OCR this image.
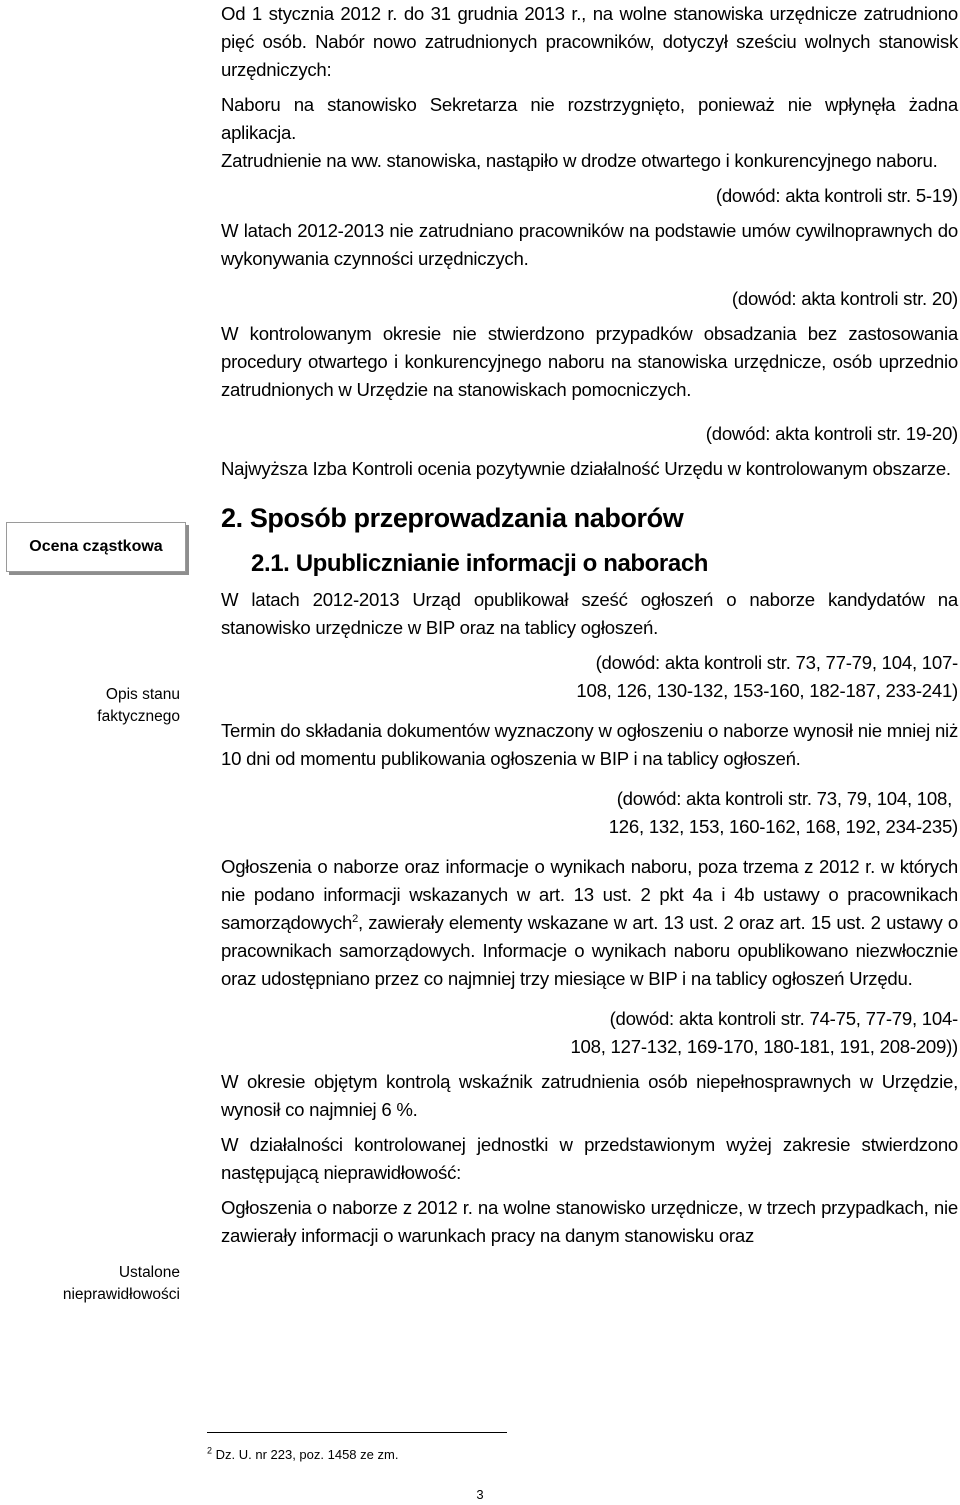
Ocena cząstkowa
Opis stanu
faktycznego
Ustalone
nieprawidłowości

Od 1 stycznia 2012 r. do 31 grudnia 2013 r., na wolne stanowiska urzędnicze zatrudniono pięć osób. Nabór nowo zatrudnionych pracowników, dotyczył sześciu wolnych stanowisk urzędniczych:

Naboru na stanowisko Sekretarza nie rozstrzygnięto, ponieważ nie wpłynęła żadna aplikacja.

Zatrudnienie na ww. stanowiska, nastąpiło w drodze otwartego i konkurencyjnego naboru.

(dowód: akta kontroli str. 5-19)

W latach 2012-2013 nie zatrudniano pracowników na podstawie umów cywilnoprawnych do wykonywania czynności urzędniczych.

(dowód: akta kontroli str. 20)

W kontrolowanym okresie nie stwierdzono przypadków obsadzania bez zastosowania procedury otwartego i konkurencyjnego naboru na stanowiska urzędnicze, osób uprzednio zatrudnionych w Urzędzie na stanowiskach pomocniczych.

(dowód: akta kontroli str. 19-20)

Najwyższa Izba Kontroli ocenia pozytywnie działalność Urzędu w kontrolowanym obszarze.

2. Sposób przeprowadzania naborów
2.1. Upublicznianie informacji o naborach

W latach 2012-2013 Urząd opublikował sześć ogłoszeń o naborze kandydatów na stanowisko urzędnicze w BIP oraz na tablicy ogłoszeń.

(dowód: akta kontroli str. 73, 77-79, 104, 107-

108, 126, 130-132, 153-160, 182-187, 233-241)

Termin do składania dokumentów wyznaczony w ogłoszeniu o naborze wynosił nie mniej niż 10 dni od momentu publikowania ogłoszenia w BIP i na tablicy ogłoszeń.

(dowód: akta kontroli str. 73, 79, 104, 108,

126, 132, 153, 160-162, 168, 192, 234-235)

Ogłoszenia o naborze oraz informacje o wynikach naboru, poza trzema z 2012 r. w których nie podano informacji wskazanych w art. 13 ust. 2 pkt 4a i 4b ustawy o pracownikach samorządowych$^2$, zawierały elementy wskazane w art. 13 ust. 2 oraz art. 15 ust. 2 ustawy o pracownikach samorządowych. Informacje o wynikach naboru opublikowano niezwłocznie oraz udostępniano przez co najmniej trzy miesiące w BIP i na tablicy ogłoszeń Urzędu.

(dowód: akta kontroli str. 74-75, 77-79, 104-

108, 127-132, 169-170, 180-181, 191, 208-209))

W okresie objętym kontrolą wskaźnik zatrudnienia osób niepełnosprawnych w Urzędzie, wynosił co najmniej 6 %.

W działalności kontrolowanej jednostki w przedstawionym wyżej zakresie stwierdzono następującą nieprawidłowość:

Ogłoszenia o naborze z 2012 r. na wolne stanowisko urzędnicze, w trzech przypadkach, nie zawierały informacji o warunkach pracy na danym stanowisku oraz

$^2$ Dz. U. nr 223, poz. 1458 ze zm.
3
